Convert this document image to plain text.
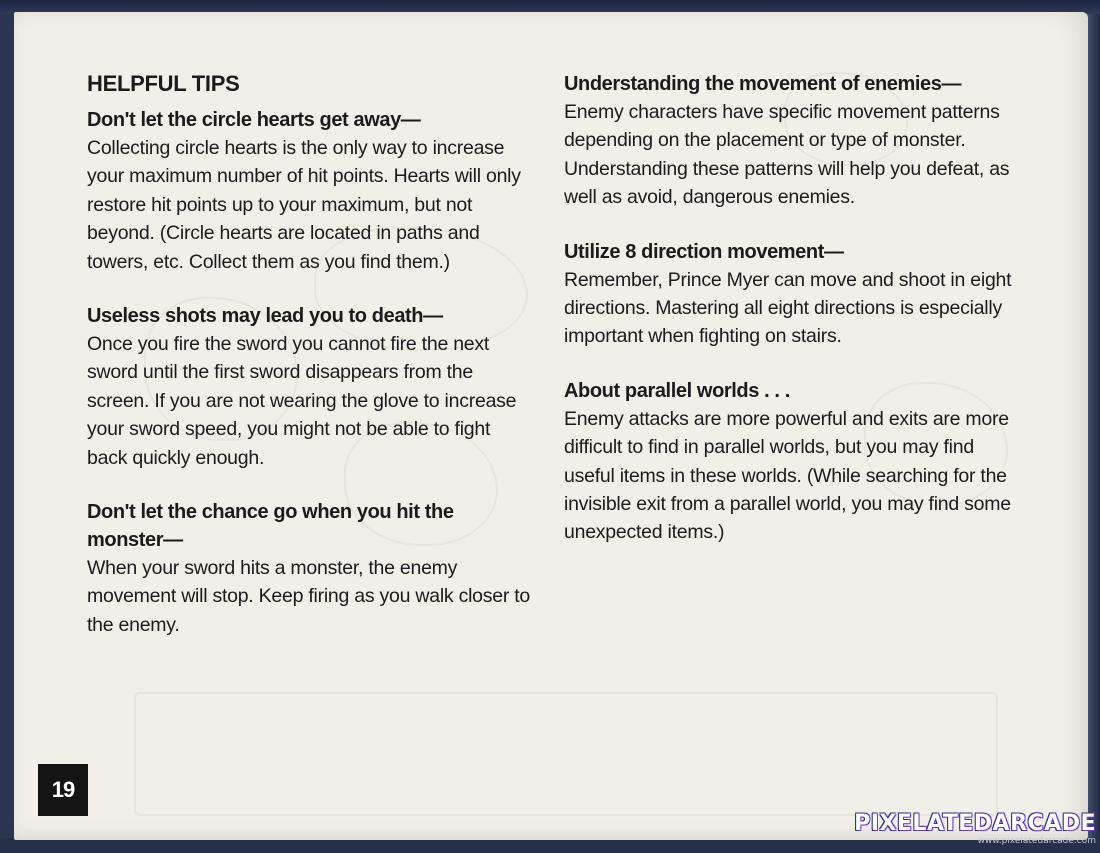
HELPFUL TIPS

Don't let the circle hearts get away—

Collecting circle hearts is the only way to increase your maximum number of hit points. Hearts will only restore hit points up to your maximum, but not beyond. (Circle hearts are located in paths and towers, etc. Collect them as you find them.)

Useless shots may lead you to death—

Once you fire the sword you cannot fire the next sword until the first sword disappears from the screen. If you are not wearing the glove to increase your sword speed, you might not be able to fight back quickly enough.

Don't let the chance go when you hit the monster—

When your sword hits a monster, the enemy movement will stop. Keep firing as you walk closer to the enemy.

Understanding the movement of enemies—

Enemy characters have specific movement patterns depending on the placement or type of monster. Understanding these patterns will help you defeat, as well as avoid, dangerous enemies.

Utilize 8 direction movement—

Remember, Prince Myer can move and shoot in eight directions. Mastering all eight directions is especially important when fighting on stairs.

About parallel worlds . . .

Enemy attacks are more powerful and exits are more difficult to find in parallel worlds, but you may find useful items in these worlds. (While searching for the invisible exit from a parallel world, you may find some unexpected items.)

19
PIXELATEDARCADE
www.pixelatedarcade.com
